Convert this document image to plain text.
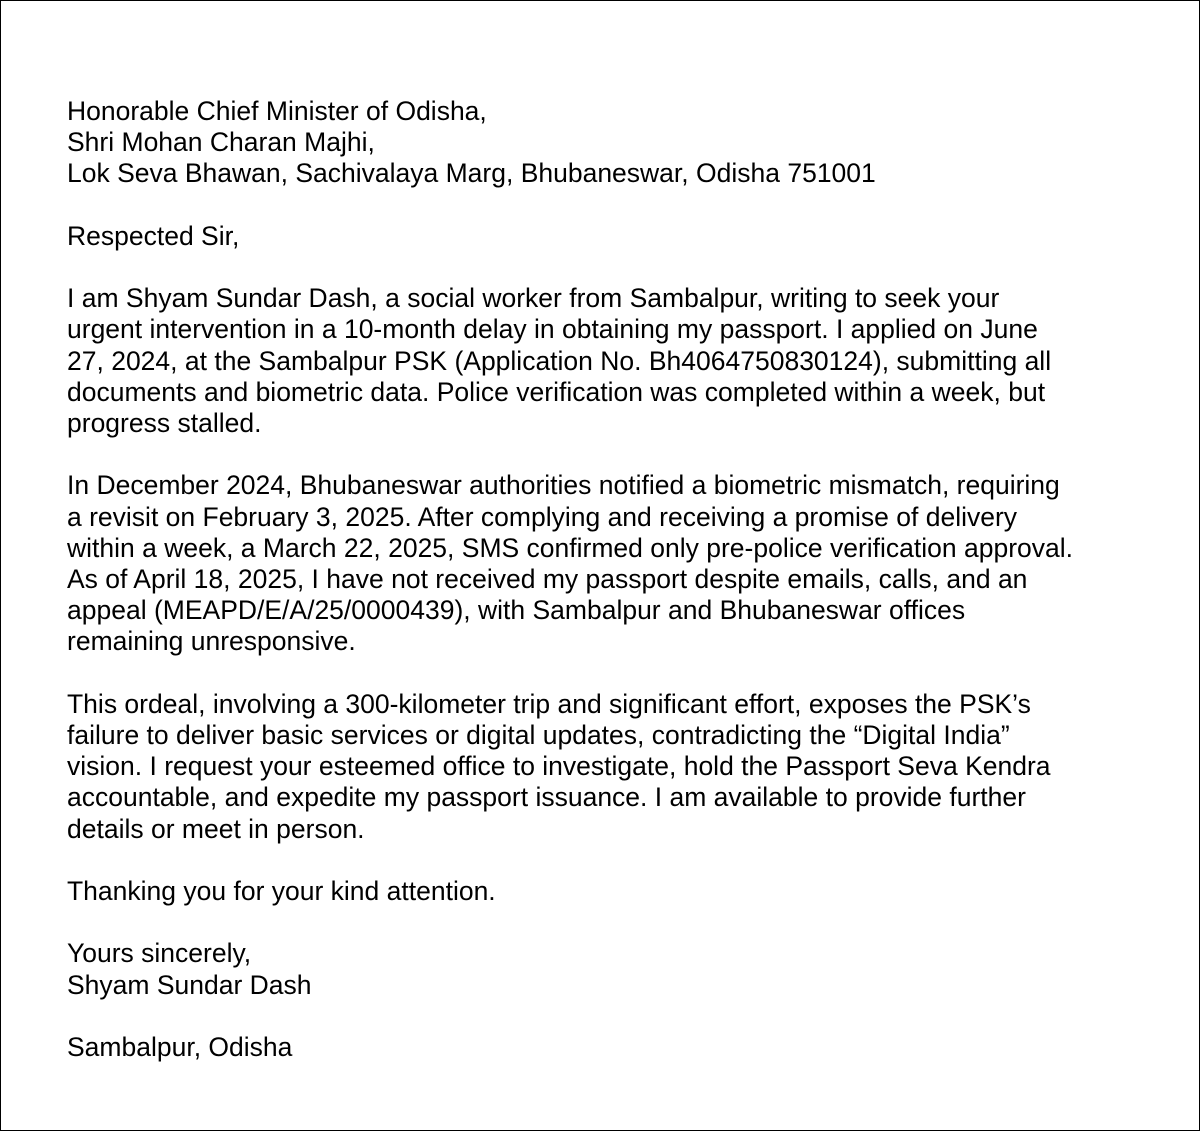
Honorable Chief Minister of Odisha,
Shri Mohan Charan Majhi,
Lok Seva Bhawan, Sachivalaya Marg, Bhubaneswar, Odisha 751001
Respected Sir,
I am Shyam Sundar Dash, a social worker from Sambalpur, writing to seek your
urgent intervention in a 10-month delay in obtaining my passport. I applied on June
27, 2024, at the Sambalpur PSK (Application No. Bh4064750830124), submitting all
documents and biometric data. Police verification was completed within a week, but
progress stalled.
In December 2024, Bhubaneswar authorities notified a biometric mismatch, requiring
a revisit on February 3, 2025. After complying and receiving a promise of delivery
within a week, a March 22, 2025, SMS confirmed only pre-police verification approval.
As of April 18, 2025, I have not received my passport despite emails, calls, and an
appeal (MEAPD/E/A/25/0000439), with Sambalpur and Bhubaneswar offices
remaining unresponsive.
This ordeal, involving a 300-kilometer trip and significant effort, exposes the PSK’s
failure to deliver basic services or digital updates, contradicting the “Digital India”
vision. I request your esteemed office to investigate, hold the Passport Seva Kendra
accountable, and expedite my passport issuance. I am available to provide further
details or meet in person.
Thanking you for your kind attention.
Yours sincerely,
Shyam Sundar Dash
Sambalpur, Odisha
